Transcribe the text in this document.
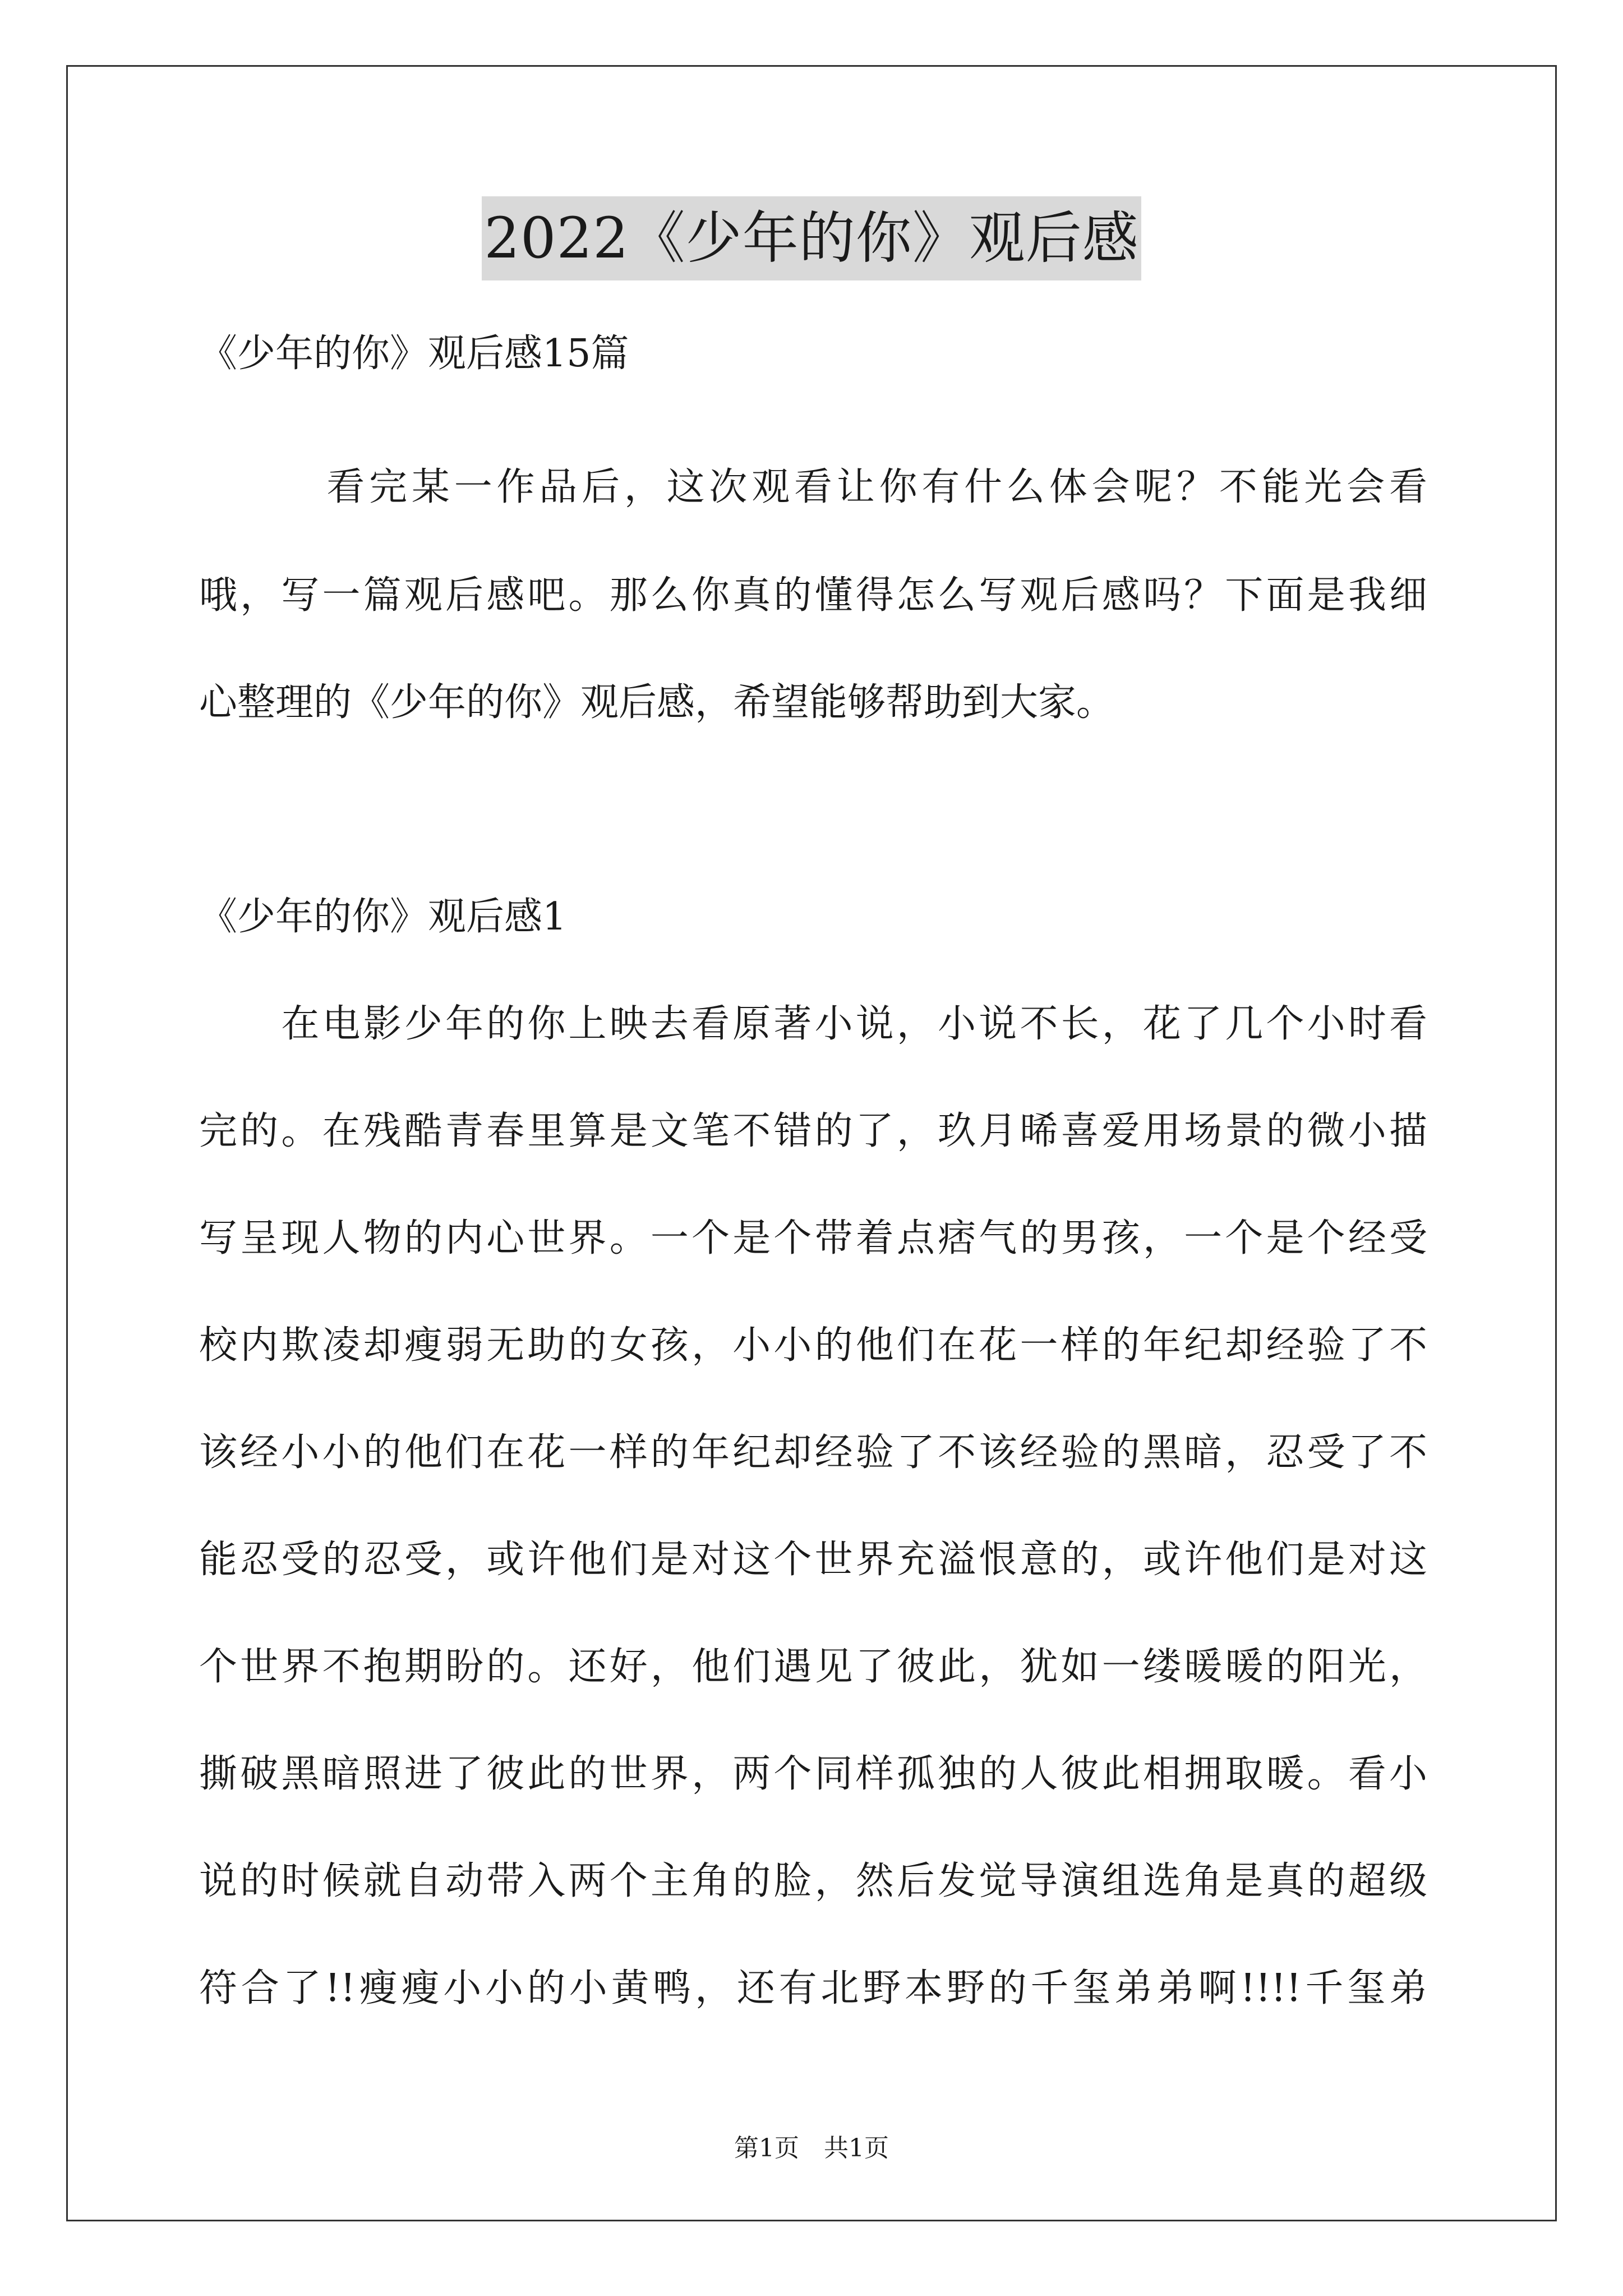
2022《少年的你》观后感
《少年的你》观后感15篇
　　　看完某一作品后，这次观看让你有什么体会呢？不能光会看
哦，写一篇观后感吧。那么你真的懂得怎么写观后感吗？下面是我细
心整理的《少年的你》观后感，希望能够帮助到大家。
《少年的你》观后感1
　　在电影少年的你上映去看原著小说，小说不长，花了几个小时看
完的。在残酷青春里算是文笔不错的了，玖月晞喜爱用场景的微小描
写呈现人物的内心世界。一个是个带着点痞气的男孩，一个是个经受
校内欺凌却瘦弱无助的女孩，小小的他们在花一样的年纪却经验了不
该经小小的他们在花一样的年纪却经验了不该经验的黑暗，忍受了不
能忍受的忍受，或许他们是对这个世界充溢恨意的，或许他们是对这
个世界不抱期盼的。还好，他们遇见了彼此，犹如一缕暖暖的阳光，
撕破黑暗照进了彼此的世界，两个同样孤独的人彼此相拥取暖。看小
说的时候就自动带入两个主角的脸，然后发觉导演组选角是真的超级
符合了!!瘦瘦小小的小黄鸭，还有北野本野的千玺弟弟啊!!!!千玺弟
第1页　共1页
